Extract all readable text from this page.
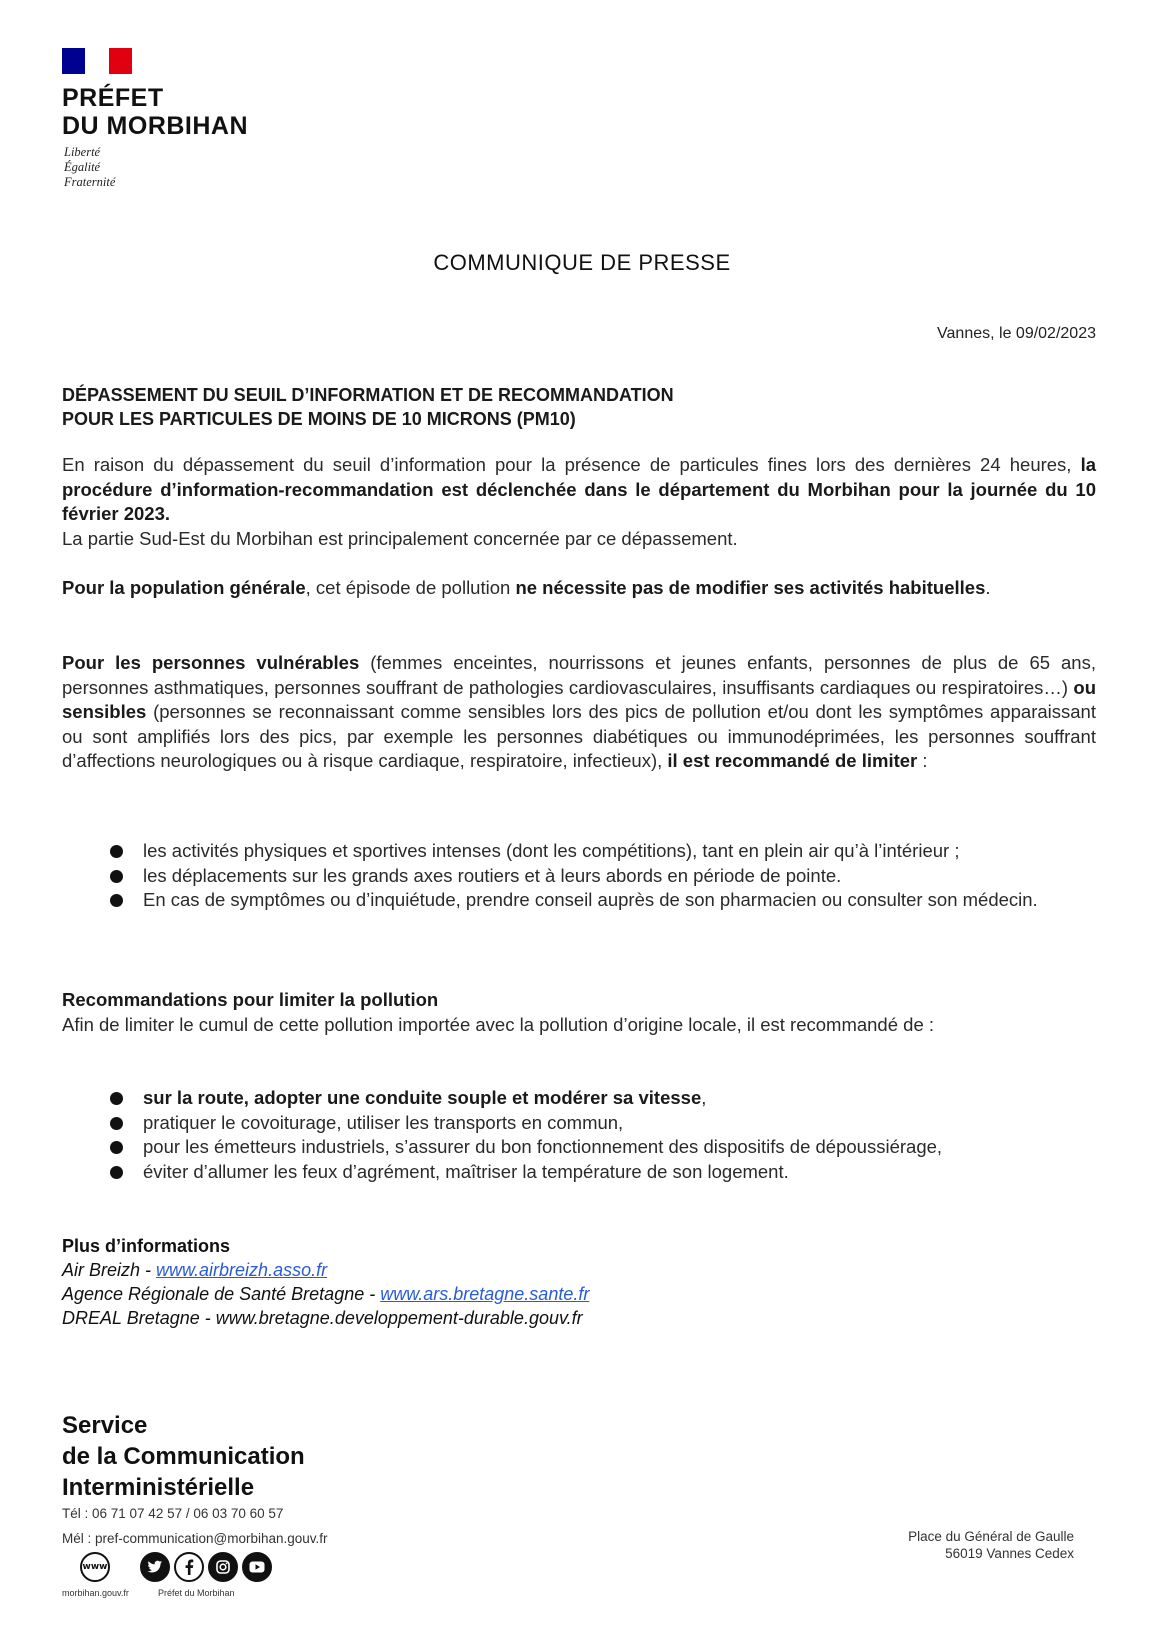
PRÉFET
DU MORBIHAN
Liberté
Égalité
Fraternité
COMMUNIQUE DE PRESSE
Vannes, le 09/02/2023
DÉPASSEMENT DU SEUIL D’INFORMATION ET DE RECOMMANDATION
POUR LES PARTICULES DE MOINS DE 10 MICRONS (PM10)
En raison du dépassement du seuil d’information pour la présence de particules fines lors des dernières 24 heures, la procédure d’information-recommandation est déclenchée dans le département du Morbihan pour la journée du 10 février 2023.
La partie Sud-Est du Morbihan est principalement concernée par ce dépassement.
Pour la population générale, cet épisode de pollution ne nécessite pas de modifier ses activités habituelles.
Pour les personnes vulnérables (femmes enceintes, nourrissons et jeunes enfants, personnes de plus de 65 ans, personnes asthmatiques, personnes souffrant de pathologies cardiovasculaires, insuffisants cardiaques ou respiratoires…) ou sensibles (personnes se reconnaissant comme sensibles lors des pics de pollution et/ou dont les symptômes apparaissant ou sont amplifiés lors des pics, par exemple les personnes diabétiques ou immunodéprimées, les personnes souffrant d’affections neurologiques ou à risque cardiaque, respiratoire, infectieux), il est recommandé de limiter :
les activités physiques et sportives intenses (dont les compétitions), tant en plein air qu’à l’intérieur ;
les déplacements sur les grands axes routiers et à leurs abords en période de pointe.
En cas de symptômes ou d’inquiétude, prendre conseil auprès de son pharmacien ou consulter son médecin.
Recommandations pour limiter la pollution
Afin de limiter le cumul de cette pollution importée avec la pollution d’origine locale, il est recommandé de :
sur la route, adopter une conduite souple et modérer sa vitesse,
pratiquer le covoiturage, utiliser les transports en commun,
pour les émetteurs industriels, s’assurer du bon fonctionnement des dispositifs de dépoussiérage,
éviter d’allumer les feux d’agrément, maîtriser la température de son logement.
Plus d’informations
Air Breizh - www.airbreizh.asso.fr
Agence Régionale de Santé Bretagne - www.ars.bretagne.sante.fr
DREAL Bretagne - www.bretagne.developpement-durable.gouv.fr
Service
de la Communication
Interministérielle
Tél : 06 71 07 42 57 / 06 03 70 60 57
Mél : pref-communication@morbihan.gouv.fr	Place du Général de Gaulle
56019 Vannes Cedex
www
morbihan.gouv.fr	Préfet du Morbihan
